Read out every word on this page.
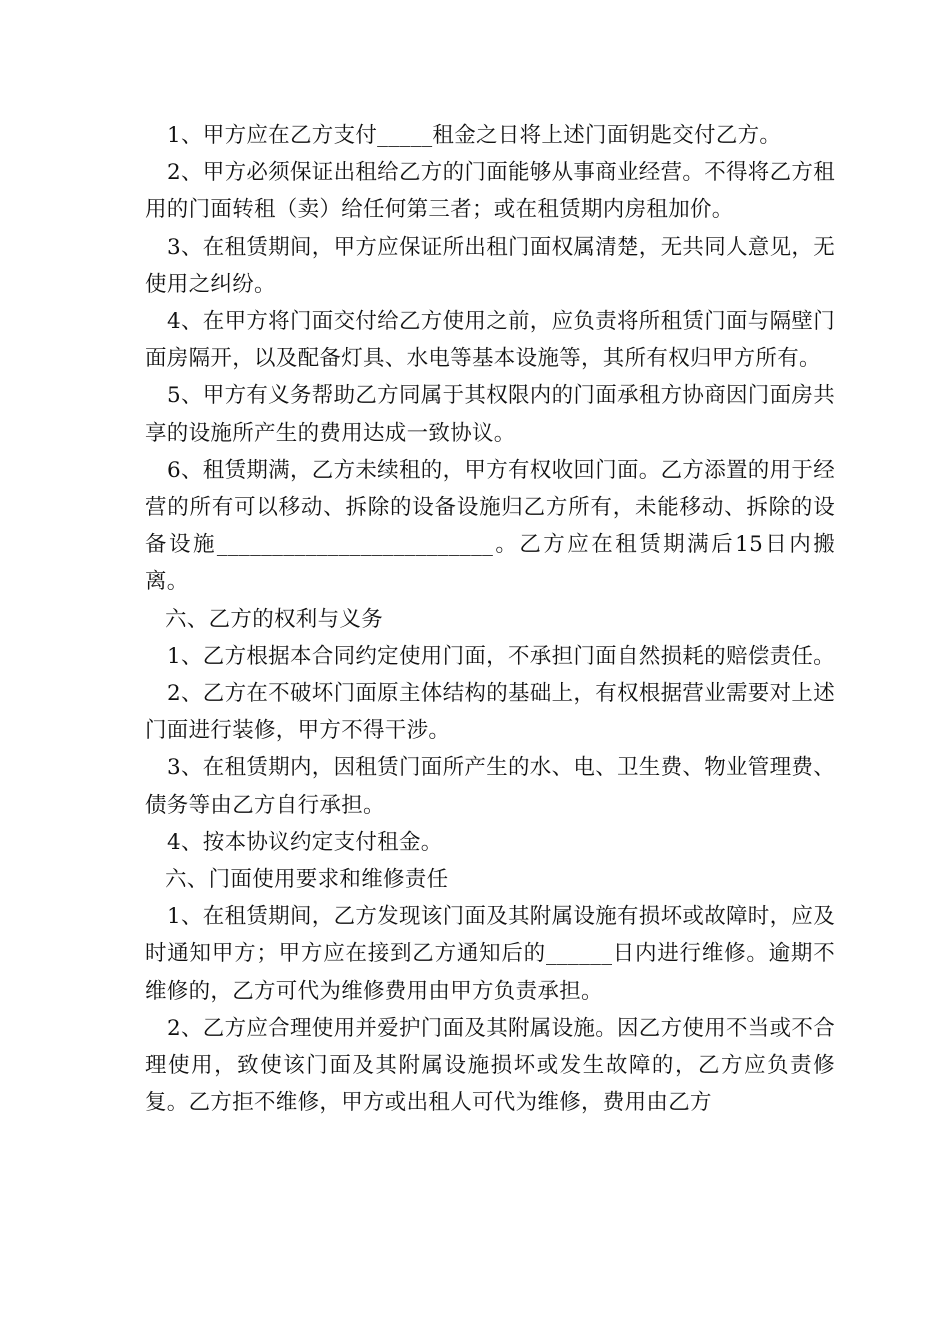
1、甲方应在乙方支付_____租金之日将上述门面钥匙交付乙方。

2、甲方必须保证出租给乙方的门面能够从事商业经营。不得将乙方租用的门面转租（卖）给任何第三者；或在租赁期内房租加价。

3、在租赁期间，甲方应保证所出租门面权属清楚，无共同人意见，无使用之纠纷。

4、在甲方将门面交付给乙方使用之前，应负责将所租赁门面与隔壁门面房隔开，以及配备灯具、水电等基本设施等，其所有权归甲方所有。

5、甲方有义务帮助乙方同属于其权限内的门面承租方协商因门面房共享的设施所产生的费用达成一致协议。

6、租赁期满，乙方未续租的，甲方有权收回门面。乙方添置的用于经营的所有可以移动、拆除的设备设施归乙方所有，未能移动、拆除的设备设施_________________________。乙方应在租赁期满后15日内搬离。

六、乙方的权利与义务

1、乙方根据本合同约定使用门面，不承担门面自然损耗的赔偿责任。

2、乙方在不破坏门面原主体结构的基础上，有权根据营业需要对上述门面进行装修，甲方不得干涉。

3、在租赁期内，因租赁门面所产生的水、电、卫生费、物业管理费、债务等由乙方自行承担。

4、按本协议约定支付租金。

六、门面使用要求和维修责任

1、在租赁期间，乙方发现该门面及其附属设施有损坏或故障时，应及时通知甲方；甲方应在接到乙方通知后的______日内进行维修。逾期不维修的，乙方可代为维修费用由甲方负责承担。

2、乙方应合理使用并爱护门面及其附属设施。因乙方使用不当或不合理使用，致使该门面及其附属设施损坏或发生故障的，乙方应负责修复。乙方拒不维修，甲方或出租人可代为维修，费用由乙方
